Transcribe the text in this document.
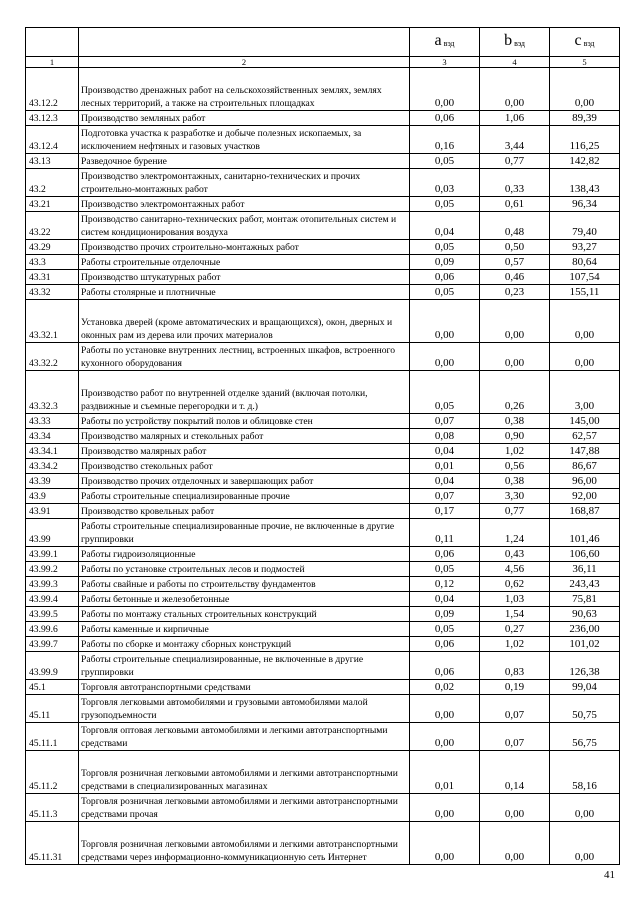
		a $_{вэд}$	b $_{вэд}$	c $_{вэд}$
1	2	3	4	5
43.12.2	Производство дренажных работ на сельскохозяйственных землях, землях лесных территорий, а также на строительных площадках	0,00	0,00	0,00
43.12.3	Производство земляных работ	0,06	1,06	89,39
43.12.4	Подготовка участка к разработке и добыче полезных ископаемых, за исключением нефтяных и газовых участков	0,16	3,44	116,25
43.13	Разведочное бурение	0,05	0,77	142,82
43.2	Производство электромонтажных, санитарно-технических и прочих строительно-монтажных работ	0,03	0,33	138,43
43.21	Производство электромонтажных работ	0,05	0,61	96,34
43.22	Производство санитарно-технических работ, монтаж отопительных систем и систем кондиционирования воздуха	0,04	0,48	79,40
43.29	Производство прочих строительно-монтажных работ	0,05	0,50	93,27
43.3	Работы строительные отделочные	0,09	0,57	80,64
43.31	Производство штукатурных работ	0,06	0,46	107,54
43.32	Работы столярные и плотничные	0,05	0,23	155,11
43.32.1	Установка дверей (кроме автоматических и вращающихся), окон, дверных и оконных рам из дерева или прочих материалов	0,00	0,00	0,00
43.32.2	Работы по установке внутренних лестниц, встроенных шкафов, встроенного кухонного оборудования	0,00	0,00	0,00
43.32.3	Производство работ по внутренней отделке зданий (включая потолки, раздвижные и съемные перегородки и т. д.)	0,05	0,26	3,00
43.33	Работы по устройству покрытий полов и облицовке стен	0,07	0,38	145,00
43.34	Производство малярных и стекольных работ	0,08	0,90	62,57
43.34.1	Производство малярных работ	0,04	1,02	147,88
43.34.2	Производство стекольных работ	0,01	0,56	86,67
43.39	Производство прочих отделочных и завершающих работ	0,04	0,38	96,00
43.9	Работы строительные специализированные прочие	0,07	3,30	92,00
43.91	Производство кровельных работ	0,17	0,77	168,87
43.99	Работы строительные специализированные прочие, не включенные в другие группировки	0,11	1,24	101,46
43.99.1	Работы гидроизоляционные	0,06	0,43	106,60
43.99.2	Работы по установке строительных лесов и подмостей	0,05	4,56	36,11
43.99.3	Работы свайные и работы по строительству фундаментов	0,12	0,62	243,43
43.99.4	Работы бетонные и железобетонные	0,04	1,03	75,81
43.99.5	Работы по монтажу стальных строительных конструкций	0,09	1,54	90,63
43.99.6	Работы каменные и кирпичные	0,05	0,27	236,00
43.99.7	Работы по сборке и монтажу сборных конструкций	0,06	1,02	101,02
43.99.9	Работы строительные специализированные, не включенные в другие группировки	0,06	0,83	126,38
45.1	Торговля автотранспортными средствами	0,02	0,19	99,04
45.11	Торговля легковыми автомобилями и грузовыми автомобилями малой грузоподъемности	0,00	0,07	50,75
45.11.1	Торговля оптовая легковыми автомобилями и легкими автотранспортными средствами	0,00	0,07	56,75
45.11.2	Торговля розничная легковыми автомобилями и легкими автотранспортными средствами в специализированных магазинах	0,01	0,14	58,16
45.11.3	Торговля розничная легковыми автомобилями и легкими автотранспортными средствами прочая	0,00	0,00	0,00
45.11.31	Торговля розничная легковыми автомобилями и легкими автотранспортными средствами через информационно-коммуникационную сеть Интернет	0,00	0,00	0,00
41
